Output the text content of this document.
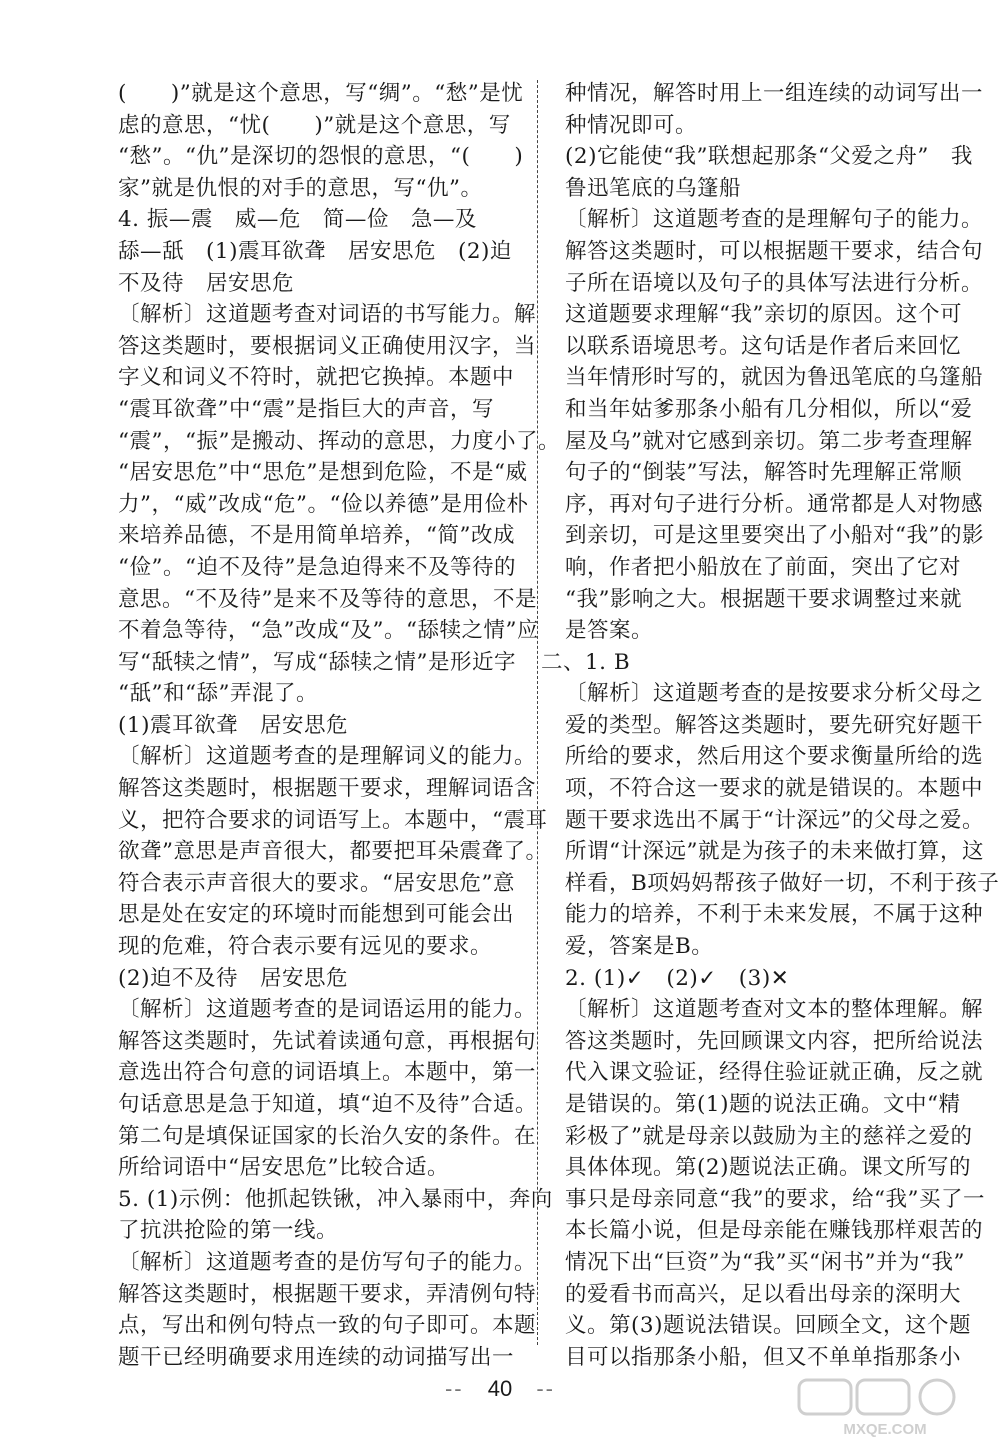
(　　)”就是这个意思，写“绸”。“愁”是忧
虑的意思，“忧(　　)”就是这个意思，写
“愁”。“仇”是深切的怨恨的意思，“(　　)
家”就是仇恨的对手的意思，写“仇”。
4. 振—震　威—危　简—俭　急—及
舔—舐　(1)震耳欲聋　居安思危　(2)迫
不及待　居安思危
〔解析〕这道题考查对词语的书写能力。解
答这类题时，要根据词义正确使用汉字，当
字义和词义不符时，就把它换掉。本题中
“震耳欲聋”中“震”是指巨大的声音，写
“震”，“振”是搬动、挥动的意思，力度小了。
“居安思危”中“思危”是想到危险，不是“威
力”，“威”改成“危”。“俭以养德”是用俭朴
来培养品德，不是用简单培养，“简”改成
“俭”。“迫不及待”是急迫得来不及等待的
意思。“不及待”是来不及等待的意思，不是
不着急等待，“急”改成“及”。“舔犊之情”应
写“舐犊之情”，写成“舔犊之情”是形近字
“舐”和“舔”弄混了。
(1)震耳欲聋　居安思危
〔解析〕这道题考查的是理解词义的能力。
解答这类题时，根据题干要求，理解词语含
义，把符合要求的词语写上。本题中，“震耳
欲聋”意思是声音很大，都要把耳朵震聋了。
符合表示声音很大的要求。“居安思危”意
思是处在安定的环境时而能想到可能会出
现的危难，符合表示要有远见的要求。
(2)迫不及待　居安思危
〔解析〕这道题考查的是词语运用的能力。
解答这类题时，先试着读通句意，再根据句
意选出符合句意的词语填上。本题中，第一
句话意思是急于知道，填“迫不及待”合适。
第二句是填保证国家的长治久安的条件。在
所给词语中“居安思危”比较合适。
5. (1)示例：他抓起铁锹，冲入暴雨中，奔向
了抗洪抢险的第一线。
〔解析〕这道题考查的是仿写句子的能力。
解答这类题时，根据题干要求，弄清例句特
点，写出和例句特点一致的句子即可。本题
题干已经明确要求用连续的动词描写出一
种情况，解答时用上一组连续的动词写出一
种情况即可。
(2)它能使“我”联想起那条“父爱之舟”　我
鲁迅笔底的乌篷船
〔解析〕这道题考查的是理解句子的能力。
解答这类题时，可以根据题干要求，结合句
子所在语境以及句子的具体写法进行分析。
这道题要求理解“我”亲切的原因。这个可
以联系语境思考。这句话是作者后来回忆
当年情形时写的，就因为鲁迅笔底的乌篷船
和当年姑爹那条小船有几分相似，所以“爱
屋及乌”就对它感到亲切。第二步考查理解
句子的“倒装”写法，解答时先理解正常顺
序，再对句子进行分析。通常都是人对物感
到亲切，可是这里要突出了小船对“我”的影
响，作者把小船放在了前面，突出了它对
“我”影响之大。根据题干要求调整过来就
是答案。
二、1. B
〔解析〕这道题考查的是按要求分析父母之
爱的类型。解答这类题时，要先研究好题干
所给的要求，然后用这个要求衡量所给的选
项，不符合这一要求的就是错误的。本题中
题干要求选出不属于“计深远”的父母之爱。
所谓“计深远”就是为孩子的未来做打算，这
样看，B项妈妈帮孩子做好一切，不利于孩子
能力的培养，不利于未来发展，不属于这种
爱，答案是B。
2. (1)✓　(2)✓　(3)✕
〔解析〕这道题考查对文本的整体理解。解
答这类题时，先回顾课文内容，把所给说法
代入课文验证，经得住验证就正确，反之就
是错误的。第(1)题的说法正确。文中“精
彩极了”就是母亲以鼓励为主的慈祥之爱的
具体体现。第(2)题说法正确。课文所写的
事只是母亲同意“我”的要求，给“我”买了一
本长篇小说，但是母亲能在赚钱那样艰苦的
情况下出“巨资”为“我”买“闲书”并为“我”
的爱看书而高兴，足以看出母亲的深明大
义。第(3)题说法错误。回顾全文，这个题
目可以指那条小船，但又不单单指那条小
-- 40 --
MXQE.COM
